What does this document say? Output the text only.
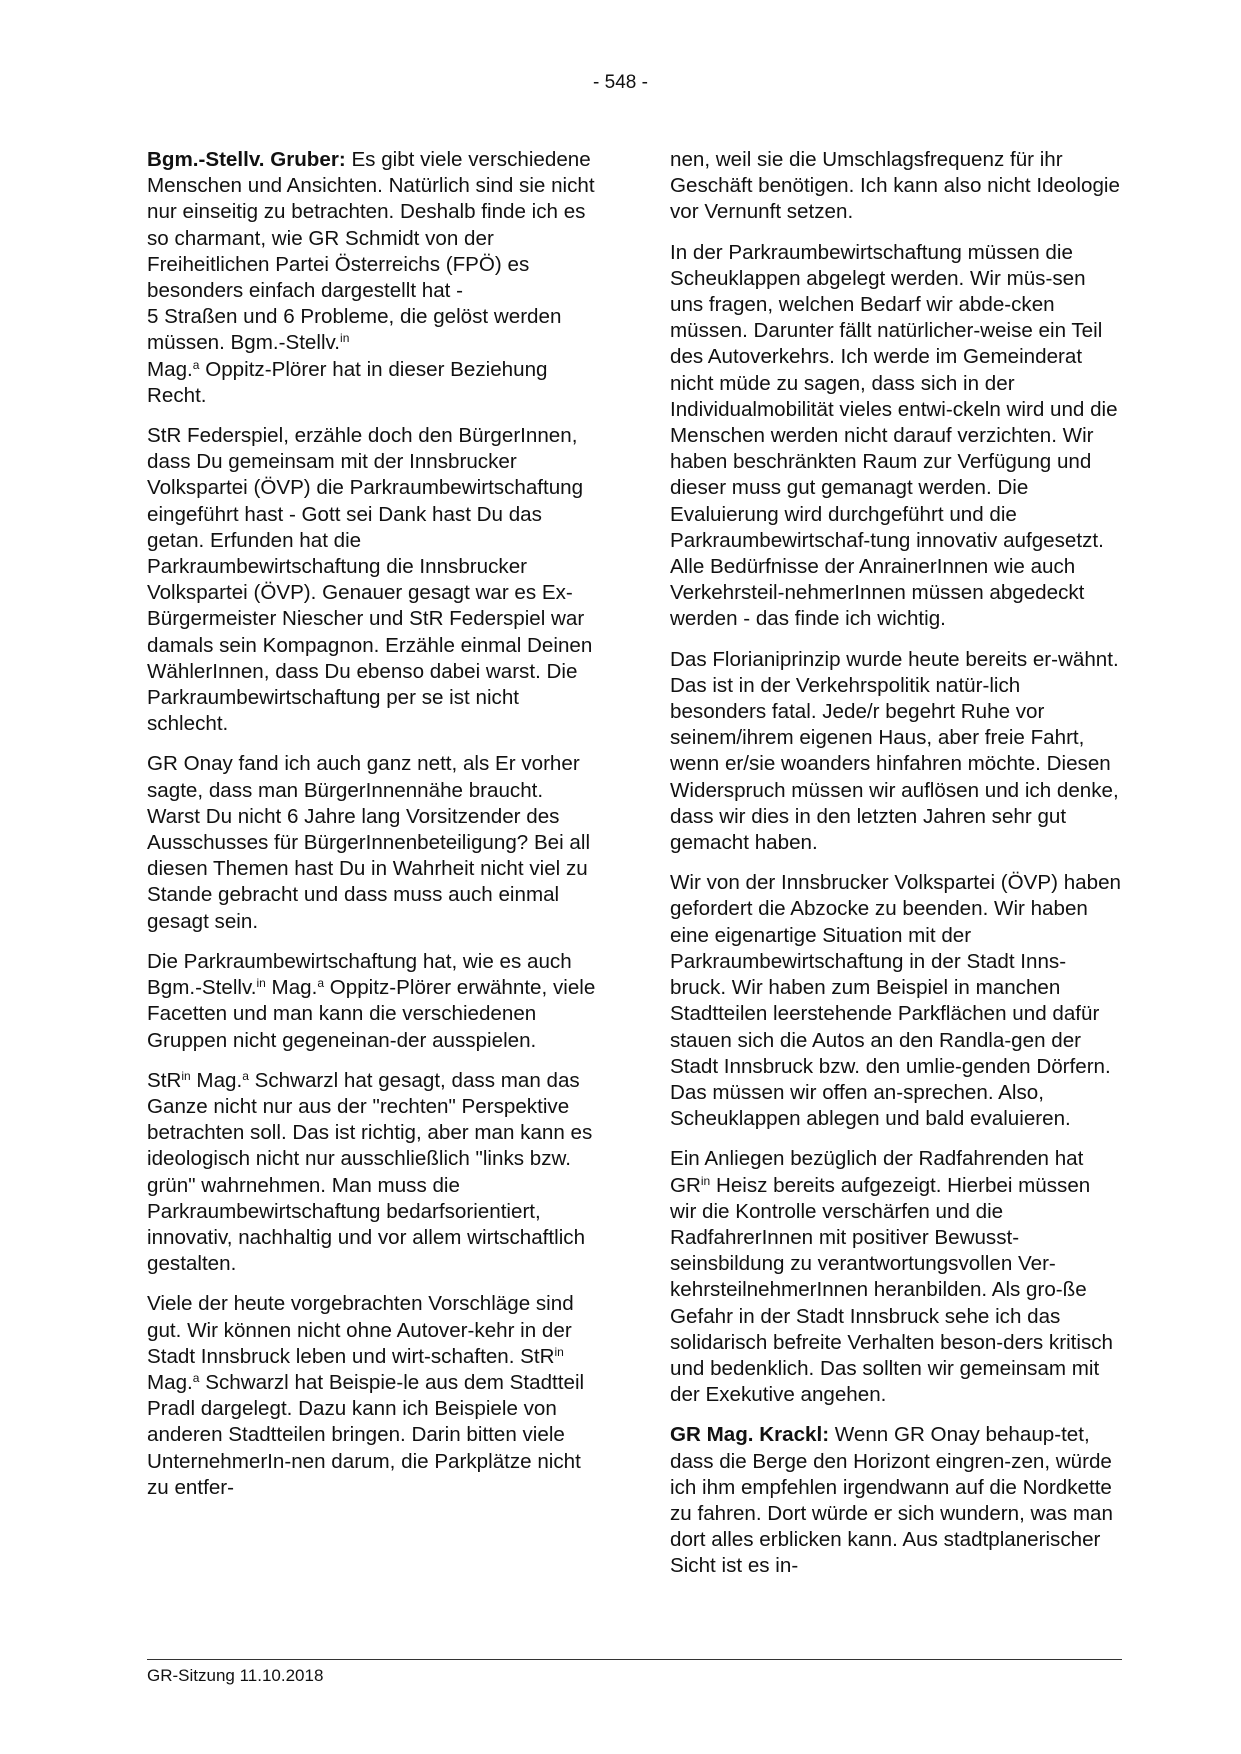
- 548 -

Bgm.-Stellv. Gruber: Es gibt viele verschiedene Menschen und Ansichten. Natürlich sind sie nicht nur einseitig zu betrachten. Deshalb finde ich es so charmant, wie GR Schmidt von der Freiheitlichen Partei Österreichs (FPÖ) es besonders einfach dargestellt hat -
5 Straßen und 6 Probleme, die gelöst werden müssen. Bgm.-Stellv.$^{in}$
Mag.$^a$ Oppitz-Plörer hat in dieser Beziehung Recht.

StR Federspiel, erzähle doch den BürgerInnen, dass Du gemeinsam mit der Innsbrucker Volkspartei (ÖVP) die Parkraumbewirtschaftung eingeführt hast - Gott sei Dank hast Du das getan. Erfunden hat die Parkraumbewirtschaftung die Innsbrucker Volkspartei (ÖVP). Genauer gesagt war es Ex-Bürgermeister Niescher und StR Federspiel war damals sein Kompagnon. Erzähle einmal Deinen WählerInnen, dass Du ebenso dabei warst. Die Parkraumbewirtschaftung per se ist nicht schlecht.

GR Onay fand ich auch ganz nett, als Er vorher sagte, dass man BürgerInnennähe braucht. Warst Du nicht 6 Jahre lang Vorsitzender des Ausschusses für BürgerInnenbeteiligung? Bei all diesen Themen hast Du in Wahrheit nicht viel zu Stande gebracht und dass muss auch einmal gesagt sein.

Die Parkraumbewirtschaftung hat, wie es auch Bgm.-Stellv.$^{in}$ Mag.$^a$ Oppitz-Plörer erwähnte, viele Facetten und man kann die verschiedenen Gruppen nicht gegeneinan-der ausspielen.

StR$^{in}$ Mag.$^a$ Schwarzl hat gesagt, dass man das Ganze nicht nur aus der "rechten" Perspektive betrachten soll. Das ist richtig, aber man kann es ideologisch nicht nur ausschließlich "links bzw. grün" wahrnehmen. Man muss die Parkraumbewirtschaftung bedarfsorientiert, innovativ, nachhaltig und vor allem wirtschaftlich gestalten.

Viele der heute vorgebrachten Vorschläge sind gut. Wir können nicht ohne Autover-kehr in der Stadt Innsbruck leben und wirt-schaften. StR$^{in}$ Mag.$^a$ Schwarzl hat Beispie-le aus dem Stadtteil Pradl dargelegt. Dazu kann ich Beispiele von anderen Stadtteilen bringen. Darin bitten viele UnternehmerIn-nen darum, die Parkplätze nicht zu entfer-

nen, weil sie die Umschlagsfrequenz für ihr Geschäft benötigen. Ich kann also nicht Ideologie vor Vernunft setzen.

In der Parkraumbewirtschaftung müssen die Scheuklappen abgelegt werden. Wir müs-sen uns fragen, welchen Bedarf wir abde-cken müssen. Darunter fällt natürlicher-weise ein Teil des Autoverkehrs. Ich werde im Gemeinderat nicht müde zu sagen, dass sich in der Individualmobilität vieles entwi-ckeln wird und die Menschen werden nicht darauf verzichten. Wir haben beschränkten Raum zur Verfügung und dieser muss gut gemanagt werden. Die Evaluierung wird durchgeführt und die Parkraumbewirtschaf-tung innovativ aufgesetzt. Alle Bedürfnisse der AnrainerInnen wie auch Verkehrsteil-nehmerInnen müssen abgedeckt werden - das finde ich wichtig.

Das Florianiprinzip wurde heute bereits er-wähnt. Das ist in der Verkehrspolitik natür-lich besonders fatal. Jede/r begehrt Ruhe vor seinem/ihrem eigenen Haus, aber freie Fahrt, wenn er/sie woanders hinfahren möchte. Diesen Widerspruch müssen wir auflösen und ich denke, dass wir dies in den letzten Jahren sehr gut gemacht haben.

Wir von der Innsbrucker Volkspartei (ÖVP) haben gefordert die Abzocke zu beenden. Wir haben eine eigenartige Situation mit der Parkraumbewirtschaftung in der Stadt Inns-bruck. Wir haben zum Beispiel in manchen Stadtteilen leerstehende Parkflächen und dafür stauen sich die Autos an den Randla-gen der Stadt Innsbruck bzw. den umlie-genden Dörfern. Das müssen wir offen an-sprechen. Also, Scheuklappen ablegen und bald evaluieren.

Ein Anliegen bezüglich der Radfahrenden hat $GR^{in}$ Heisz bereits aufgezeigt. Hierbei müssen wir die Kontrolle verschärfen und die RadfahrerInnen mit positiver Bewusst-seinsbildung zu verantwortungsvollen Ver-kehrsteilnehmerInnen heranbilden. Als gro-ße Gefahr in der Stadt Innsbruck sehe ich das solidarisch befreite Verhalten beson-ders kritisch und bedenklich. Das sollten wir gemeinsam mit der Exekutive angehen.

GR Mag. Krackl: Wenn GR Onay behaup-tet, dass die Berge den Horizont eingren-zen, würde ich ihm empfehlen irgendwann auf die Nordkette zu fahren. Dort würde er sich wundern, was man dort alles erblicken kann. Aus stadtplanerischer Sicht ist es in-

GR-Sitzung 11.10.2018
